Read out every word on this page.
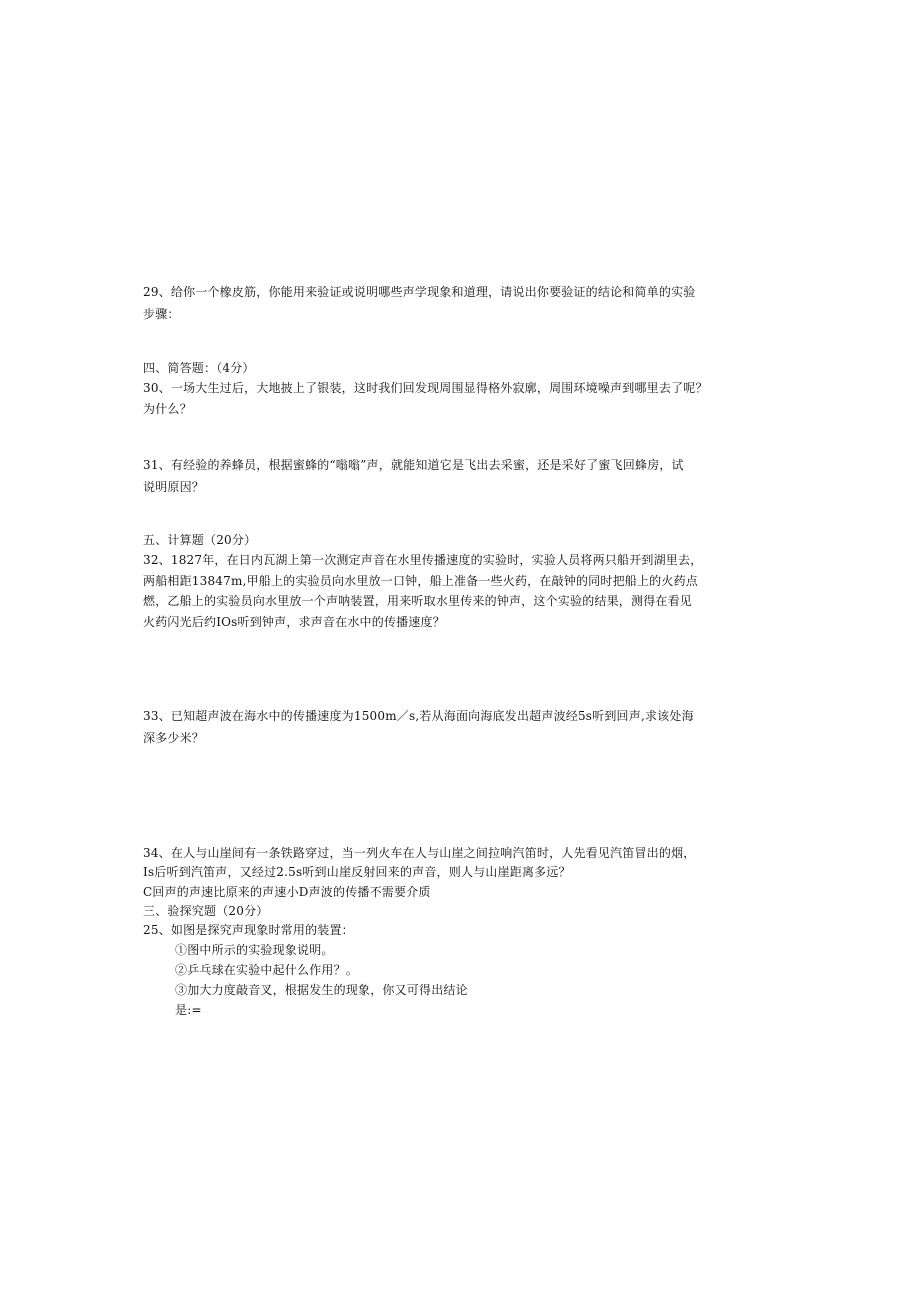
29、给你一个橡皮筋，你能用来验证或说明哪些声学现象和道理，请说出你要验证的结论和简单的实验
步骤：
四、简答题：（4分）
30、一场大生过后，大地披上了银装，这时我们回发现周围显得格外寂廓，周围环境噪声到哪里去了呢？
为什么？
31、有经验的养蜂员，根据蜜蜂的“嗡嗡”声，就能知道它是飞出去采蜜，还是采好了蜜飞回蜂房，试
说明原因？
五、计算题（20分）
32、1827年，在日内瓦湖上第一次测定声音在水里传播速度的实验时，实验人员将两只船开到湖里去，
两船相距13847m,甲船上的实验员向水里放一口钟，船上准备一些火药，在敲钟的同时把船上的火药点
燃，乙船上的实验员向水里放一个声呐装置，用来听取水里传来的钟声，这个实验的结果，测得在看见
火药闪光后约IOs听到钟声，求声音在水中的传播速度？
33、已知超声波在海水中的传播速度为1500m／s,若从海面向海底发出超声波经5s听到回声,求该处海
深多少米？
34、在人与山崖间有一条铁路穿过，当一列火车在人与山崖之间拉响汽笛时，人先看见汽笛冒出的烟，
Is后听到汽笛声，又经过2.5s听到山崖反射回来的声音，则人与山崖距离多远？
C回声的声速比原来的声速小D声波的传播不需要介质
三、验探究题（20分）
25、如图是探究声现象时常用的装置：
①图中所示的实验现象说明。
②乒乓球在实验中起什么作用？。
③加大力度敲音叉，根据发生的现象，你又可得出结论
是:=
